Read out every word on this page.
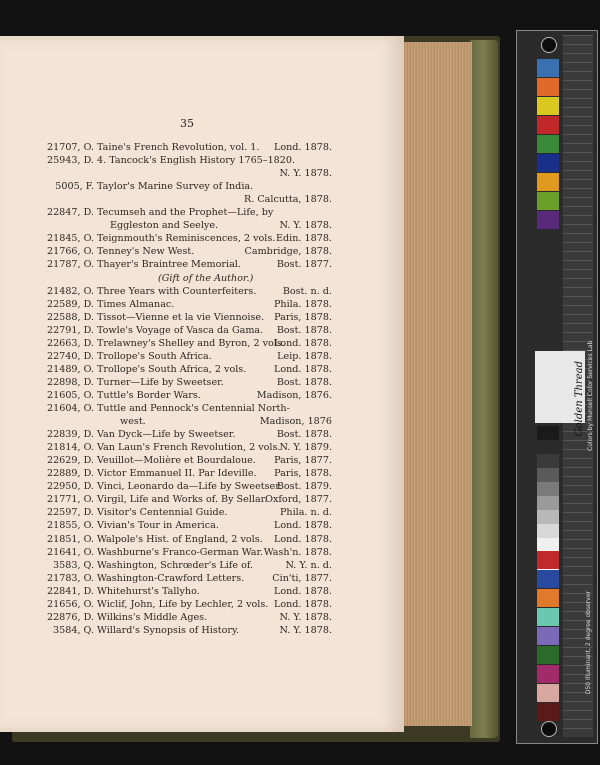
35
21707, O. Taine's French Revolution, vol. 1. Lond. 1878.
25943, D. 4. Tancock's English History 1765–1820.
N. Y. 1878.
5005, F. Taylor's Marine Survey of India.
R. Calcutta, 1878.
22847, D. Tecumseh and the Prophet—Life, by
Eggleston and Seelye.	N. Y. 1878.
21845, O. Teignmouth's Reminiscences, 2 vols. Edin. 1878.
21766, O. Tenney's New West.	Cambridge, 1878.
21787, O. Thayer's Braintree Memorial.	Bost. 1877.
(Gift of the Author.)
21482, O. Three Years with Counterfeiters.	Bost. n. d.
22589, D. Times Almanac.	Phila. 1878.
22588, D. Tissot—Vienne et la vie Viennoise. Paris, 1878.
22791, D. Towle's Voyage of Vasca da Gama. Bost. 1878.
22663, D. Trelawney's Shelley and Byron, 2 vols.
Lond. 1878.
22740, D. Trollope's South Africa.	Leip. 1878.
21489, O. Trollope's South Africa, 2 vols.	Lond. 1878.
22898, D. Turner—Life by Sweetser.	Bost. 1878.
21605, O. Tuttle's Border Wars.	Madison, 1876.
21604, O. Tuttle and Pennock's Centennial North-
west.	Madison, 1876
22839, D. Van Dyck—Life by Sweetser.	Bost. 1878.
21814, O. Van Laun's French Revolution, 2 vols.
N. Y. 1879.
22629, D. Veuillot—Molière et Bourdaloue. Paris, 1877.
22889, D. Victor Emmanuel II. Par Ideville. Paris, 1878.
22950, D. Vinci, Leonardo da—Life by Sweetser.
Bost. 1879.
21771, O. Virgil, Life and Works of. By Sellar.
Oxford, 1877.
22597, D. Visitor's Centennial Guide.	Phila. n. d.
21855, O. Vivian's Tour in America.	Lond. 1878.
21851, O. Walpole's Hist. of England, 2 vols. Lond. 1878.
21641, O. Washburne's Franco-German War. Wash'n. 1878.
3583, Q. Washington, Schrœder's Life of.	N. Y. n. d.
21783, O. Washington-Crawford Letters.	Cin'ti, 1877.
22841, D. Whitehurst's Tallyho.	Lond. 1878.
21656, O. Wiclif, John, Life by Lechler, 2 vols. Lond. 1878.
22876, D. Wilkins's Middle Ages.	N. Y. 1878.
3584, Q. Willard's Synopsis of History.	N. Y. 1878.
Golden Thread Colors by Munsell Color Services Lab
D50 Illuminant, 2 degree observer
